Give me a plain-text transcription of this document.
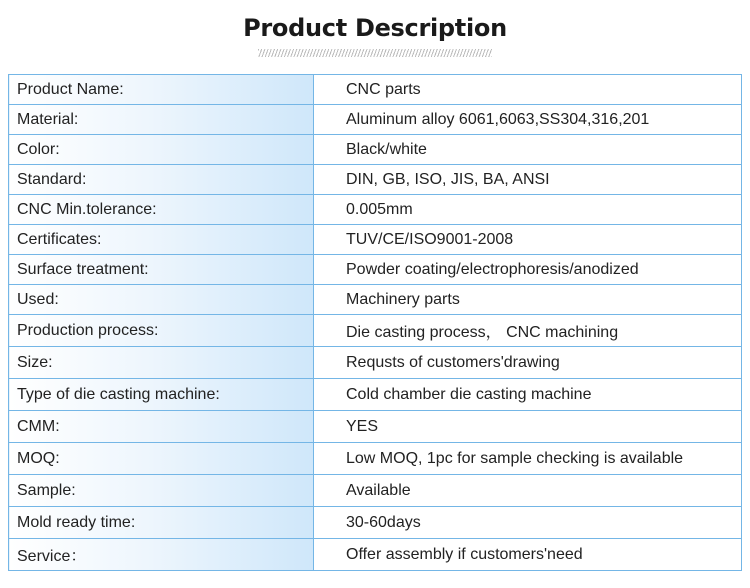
Product Description
Product Name:	CNC parts
Material:	Aluminum alloy 6061,6063,SS304,316,201
Color:	Black/white
Standard:	DIN, GB, ISO, JIS, BA, ANSI
CNC Min.tolerance:	0.005mm
Certificates:	TUV/CE/ISO9001-2008
Surface treatment:	Powder coating/electrophoresis/anodized
Used:	Machinery parts
Production process:	Die casting process， CNC machining
Size:	Requsts of customers'drawing
Type of die casting machine:	Cold chamber die casting machine
CMM:	YES
MOQ:	Low MOQ, 1pc for sample checking is available
Sample:	Available
Mold ready time:	30-60days
Service：	Offer assembly if customers'need
